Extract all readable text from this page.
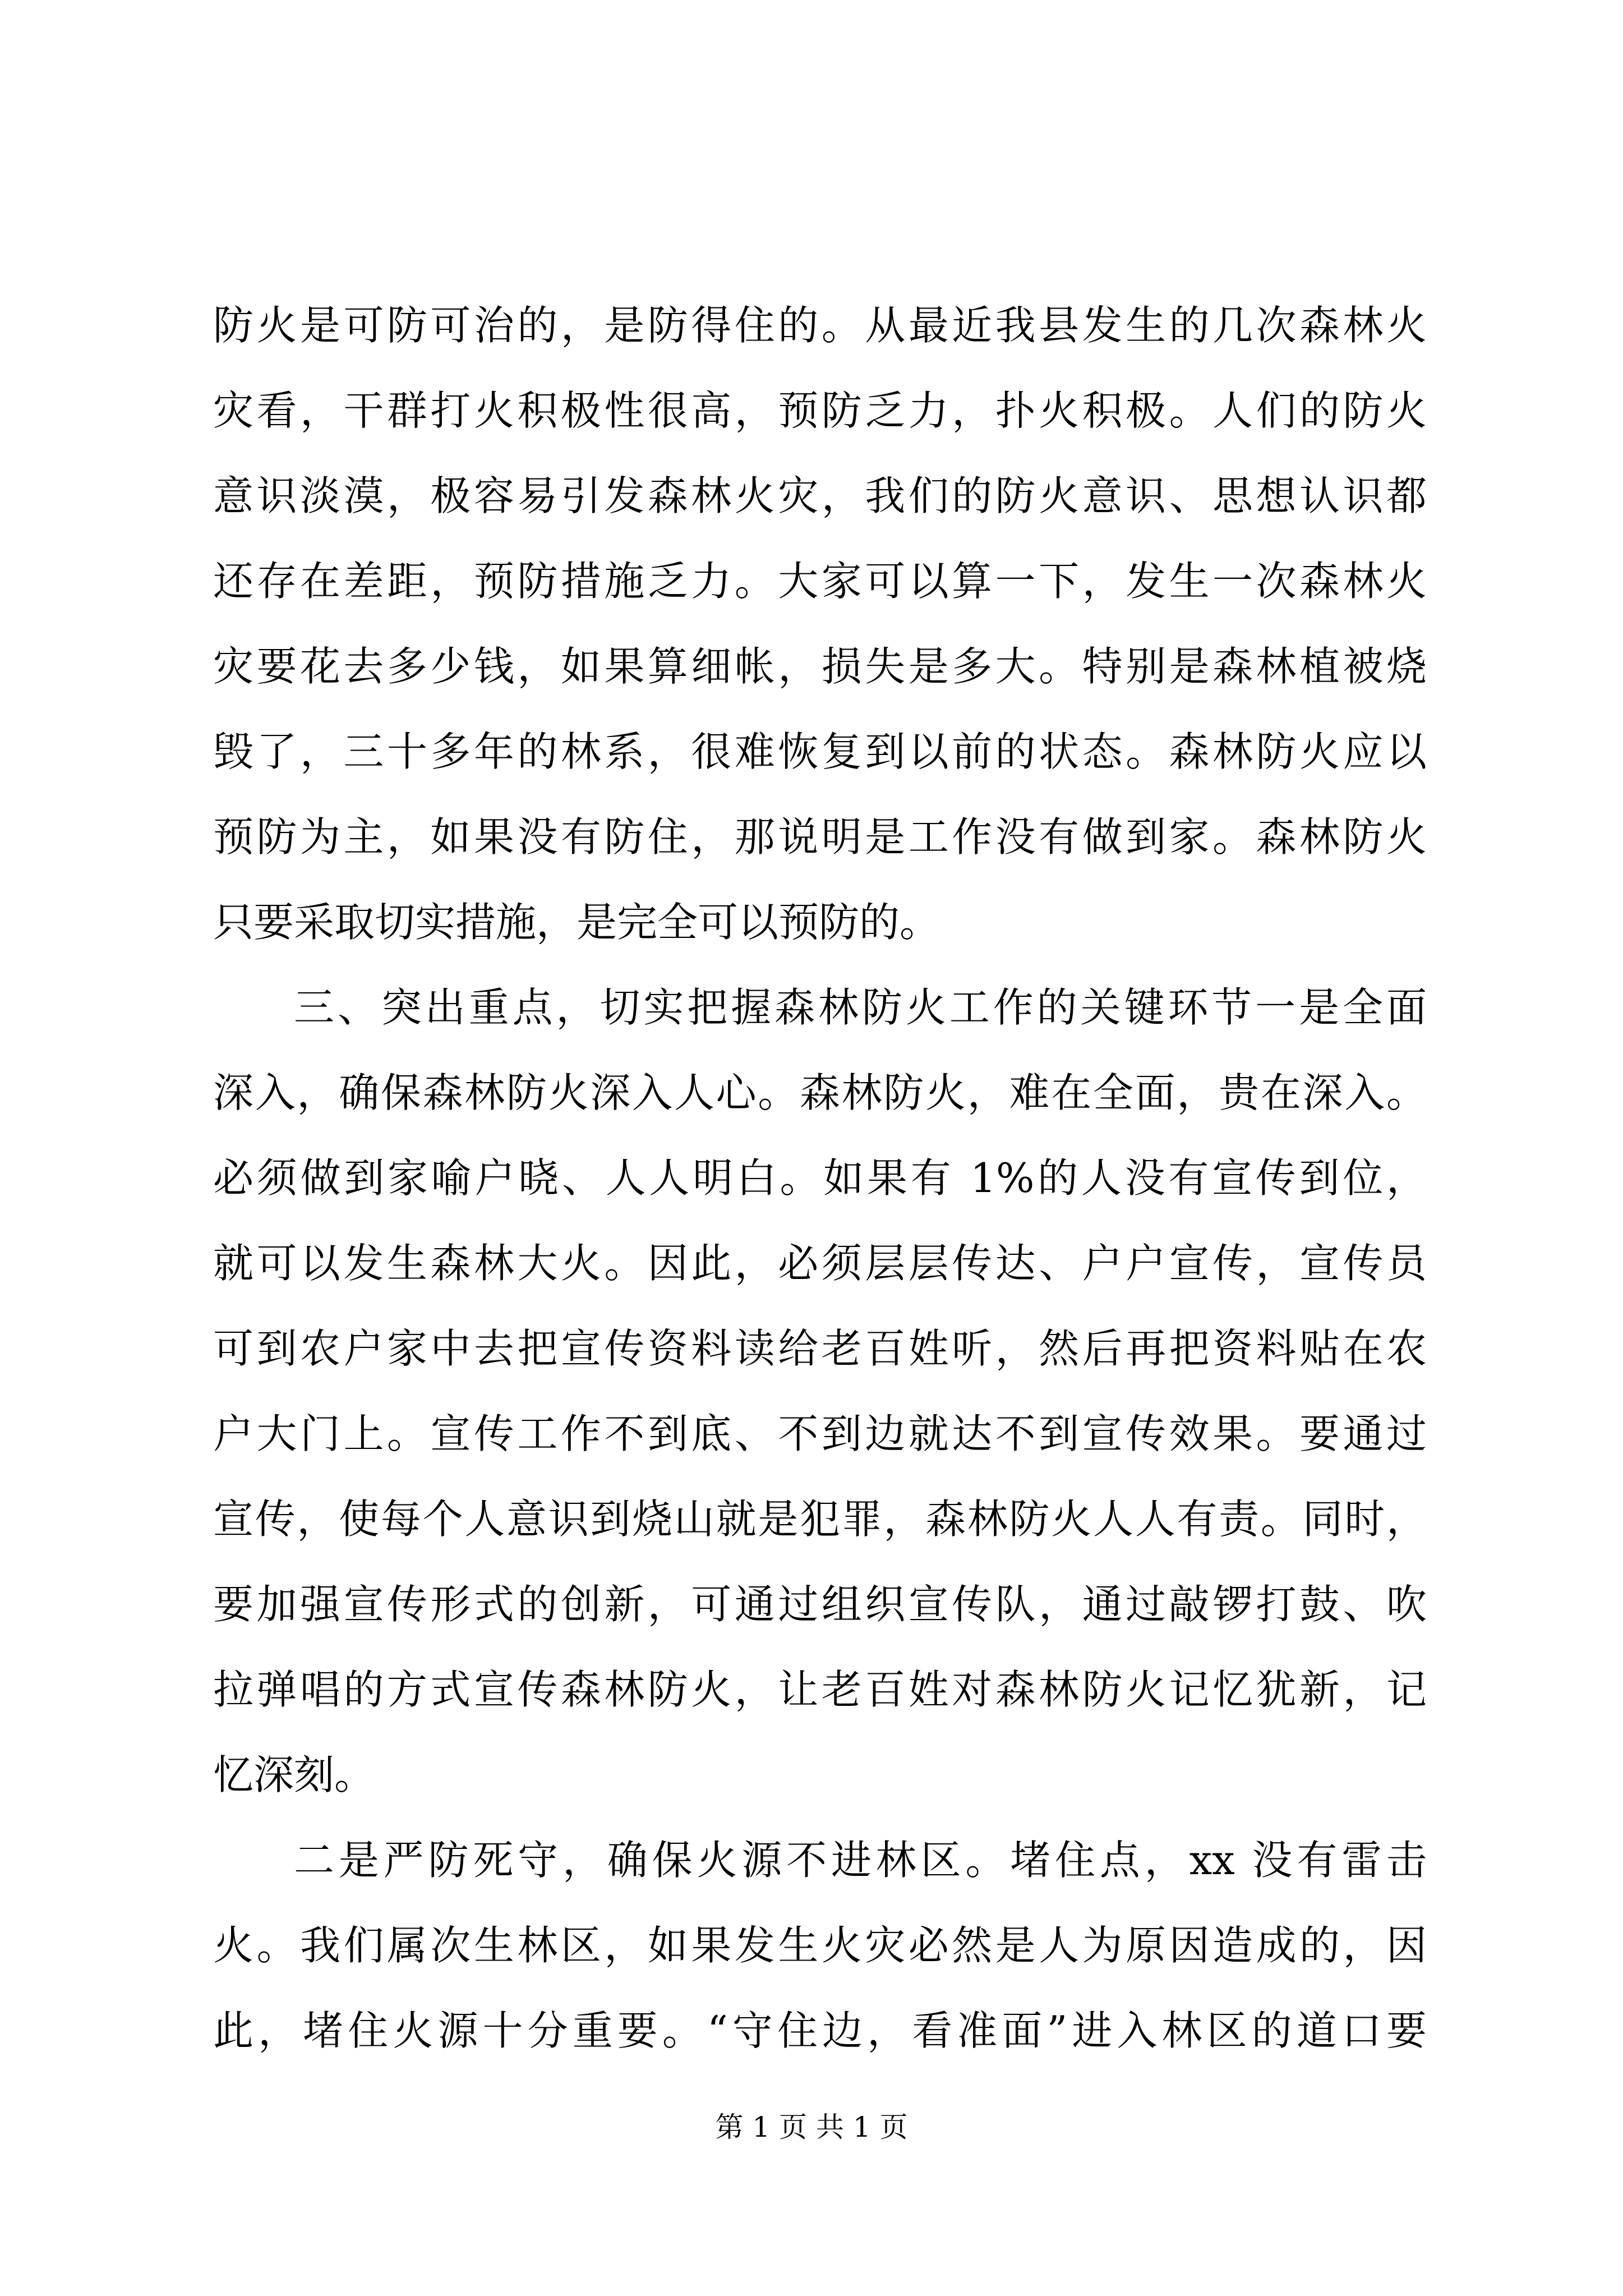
防火是可防可治的，是防得住的。从最近我县发生的几次森林火
灾看，干群打火积极性很高，预防乏力，扑火积极。人们的防火
意识淡漠，极容易引发森林火灾，我们的防火意识、思想认识都
还存在差距，预防措施乏力。大家可以算一下，发生一次森林火
灾要花去多少钱，如果算细帐，损失是多大。特别是森林植被烧
毁了，三十多年的林系，很难恢复到以前的状态。森林防火应以
预防为主，如果没有防住，那说明是工作没有做到家。森林防火
只要采取切实措施，是完全可以预防的。
三、突出重点，切实把握森林防火工作的关键环节一是全面
深入，确保森林防火深入人心。森林防火，难在全面，贵在深入。
必须做到家喻户晓、人人明白。如果有 1%的人没有宣传到位，
就可以发生森林大火。因此，必须层层传达、户户宣传，宣传员
可到农户家中去把宣传资料读给老百姓听，然后再把资料贴在农
户大门上。宣传工作不到底、不到边就达不到宣传效果。要通过
宣传，使每个人意识到烧山就是犯罪，森林防火人人有责。同时，
要加强宣传形式的创新，可通过组织宣传队，通过敲锣打鼓、吹
拉弹唱的方式宣传森林防火，让老百姓对森林防火记忆犹新，记
忆深刻。
二是严防死守，确保火源不进林区。堵住点，xx 没有雷击
火。我们属次生林区，如果发生火灾必然是人为原因造成的，因
此，堵住火源十分重要。“守住边，看准面”进入林区的道口要
第 1 页 共 1 页
